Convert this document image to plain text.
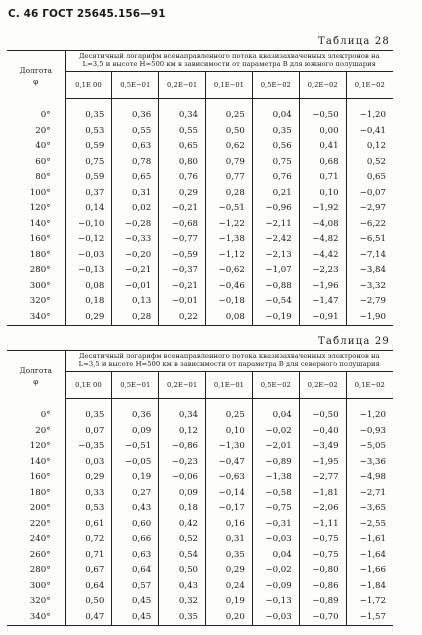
С. 46 ГОСТ 25645.156—91
Таблица 28
Долгота
φ	Десятичный логарифм всенаправленного потока квазизахваченных электронов на L=3,5 и высоте H=500 км в зависимости от параметра B для южного полушария						
	0,1E 00	0,5E−01	0,2E−01	0,1E−01	0,5E−02	0,2E−02	0,1E−02
0°	0,35	0,36	0,34	0,25	0,04	−0,50	−1,20
20°	0,53	0,55	0,55	0,50	0,35	0,00	−0,41
40°	0,59	0,63	0,65	0,62	0,56	0,41	0,12
60°	0,75	0,78	0,80	0,79	0,75	0,68	0,52
80°	0,59	0,65	0,76	0,77	0,76	0,71	0,65
100°	0,37	0,31	0,29	0,28	0,21	0,10	−0,07
120°	0,14	0,02	−0,21	−0,51	−0,96	−1,92	−2,97
140°	−0,10	−0,28	−0,68	−1,22	−2,11	−4,08	−6,22
160°	−0,12	−0,33	−0,77	−1,38	−2,42	−4,82	−6,51
180°	−0,03	−0,20	−0,59	−1,12	−2,13	−4,42	−7,14
280°	−0,13	−0,21	−0,37	−0,62	−1,07	−2,23	−3,84
300°	0,08	−0,01	−0,21	−0,46	−0,88	−1,96	−3,32
320°	0,18	0,13	−0,01	−0,18	−0,54	−1,47	−2,79
340°	0,29	0,28	0,22	0,08	−0,19	−0,91	−1,90
Таблица 29
Долгота
φ	Десятичный логарифм всенаправленного потока квазизахваченных электронов на L=3,5 и высоте H=500 км в зависимости от параметра B для северного полушария						
	0,1E 00	0,5E−01	0,2E−01	0,1E−01	0,5E−02	0,2E−02	0,1E−02
0°	0,35	0,36	0,34	0,25	0,04	−0,50	−1,20
20°	0,07	0,09	0,12	0,10	−0,02	−0,40	−0,93
120°	−0,35	−0,51	−0,86	−1,30	−2,01	−3,49	−5,05
140°	0,03	−0,05	−0,23	−0,47	−0,89	−1,95	−3,36
160°	0,29	0,19	−0,06	−0,63	−1,38	−2,77	−4,98
180°	0,33	0,27	0,09	−0,14	−0,58	−1,81	−2,71
200°	0,53	0,43	0,18	−0,17	−0,75	−2,06	−3,65
220°	0,61	0,60	0,42	0,16	−0,31	−1,11	−2,55
240°	0,72	0,66	0,52	0,31	−0,03	−0,75	−1,61
260°	0,71	0,63	0,54	0,35	0,04	−0,75	−1,64
280°	0,67	0,64	0,50	0,29	−0,02	−0,80	−1,66
300°	0,64	0,57	0,43	0,24	−0,09	−0,86	−1,84
320°	0,50	0,45	0,32	0,19	−0,13	−0,89	−1,72
340°	0,47	0,45	0,35	0,20	−0,03	−0,70	−1,57
